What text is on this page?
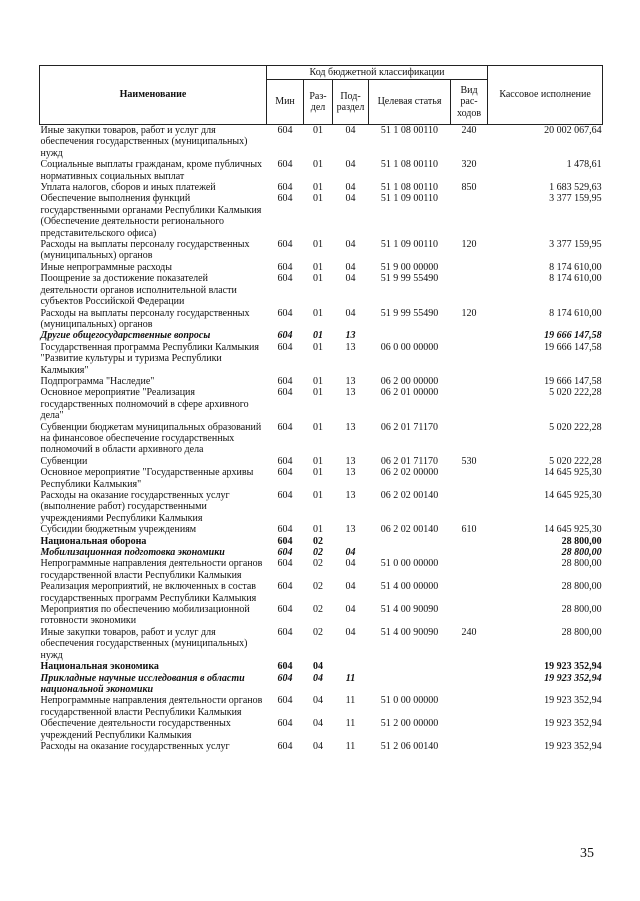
Наименование	Код бюджетной классификации					Кассовое исполнение
	Мин	Раз-дел	Под-раздел	Целевая статья	Вид рас-ходов	
Иные закупки товаров, работ и услуг для обеспечения государственных (муниципальных) нужд	604	01	04	51 1 08 00110	240	20 002 067,64
Социальные выплаты гражданам, кроме публичных нормативных социальных выплат	604	01	04	51 1 08 00110	320	1 478,61
Уплата налогов, сборов и иных платежей	604	01	04	51 1 08 00110	850	1 683 529,63
Обеспечение выполнения функций государственными органами Республики Калмыкия (Обеспечение деятельности регионального представительского офиса)	604	01	04	51 1 09 00110		3 377 159,95
Расходы на выплаты персоналу государственных (муниципальных) органов	604	01	04	51 1 09 00110	120	3 377 159,95
Иные непрограммные расходы	604	01	04	51 9 00 00000		8 174 610,00
Поощрение за достижение показателей деятельности органов исполнительной власти субъектов Российской Федерации	604	01	04	51 9 99 55490		8 174 610,00
Расходы на выплаты персоналу государственных (муниципальных) органов	604	01	04	51 9 99 55490	120	8 174 610,00
Другие общегосударственные вопросы	604	01	13			19 666 147,58
Государственная программа Республики Калмыкия "Развитие культуры и туризма Республики Калмыкия"	604	01	13	06 0 00 00000		19 666 147,58
Подпрограмма "Наследие"	604	01	13	06 2 00 00000		19 666 147,58
Основное мероприятие "Реализация государственных полномочий в сфере архивного дела"	604	01	13	06 2 01 00000		5 020 222,28
Субвенции бюджетам муниципальных образований на финансовое обеспечение государственных полномочий в области архивного дела	604	01	13	06 2 01 71170		5 020 222,28
Субвенции	604	01	13	06 2 01 71170	530	5 020 222,28
Основное мероприятие "Государственные архивы Республики Калмыкия"	604	01	13	06 2 02 00000		14 645 925,30
Расходы на оказание государственных услуг (выполнение работ) государственными учреждениями Республики Калмыкия	604	01	13	06 2 02 00140		14 645 925,30
Субсидии бюджетным учреждениям	604	01	13	06 2 02 00140	610	14 645 925,30
Национальная оборона	604	02				28 800,00
Мобилизационная подготовка экономики	604	02	04			28 800,00
Непрограммные направления деятельности органов государственной власти Республики Калмыкия	604	02	04	51 0 00 00000		28 800,00
Реализация мероприятий, не включенных в состав государственных программ Республики Калмыкия	604	02	04	51 4 00 00000		28 800,00
Мероприятия по обеспечению мобилизационной готовности экономики	604	02	04	51 4 00 90090		28 800,00
Иные закупки товаров, работ и услуг для обеспечения государственных (муниципальных) нужд	604	02	04	51 4 00 90090	240	28 800,00
Национальная экономика	604	04				19 923 352,94
Прикладные научные исследования в области национальной экономики	604	04	11			19 923 352,94
Непрограммные направления деятельности органов государственной власти Республики Калмыкия	604	04	11	51 0 00 00000		19 923 352,94
Обеспечение деятельности государственных учреждений Республики Калмыкия	604	04	11	51 2 00 00000		19 923 352,94
Расходы на оказание государственных услуг	604	04	11	51 2 06 00140		19 923 352,94
35
